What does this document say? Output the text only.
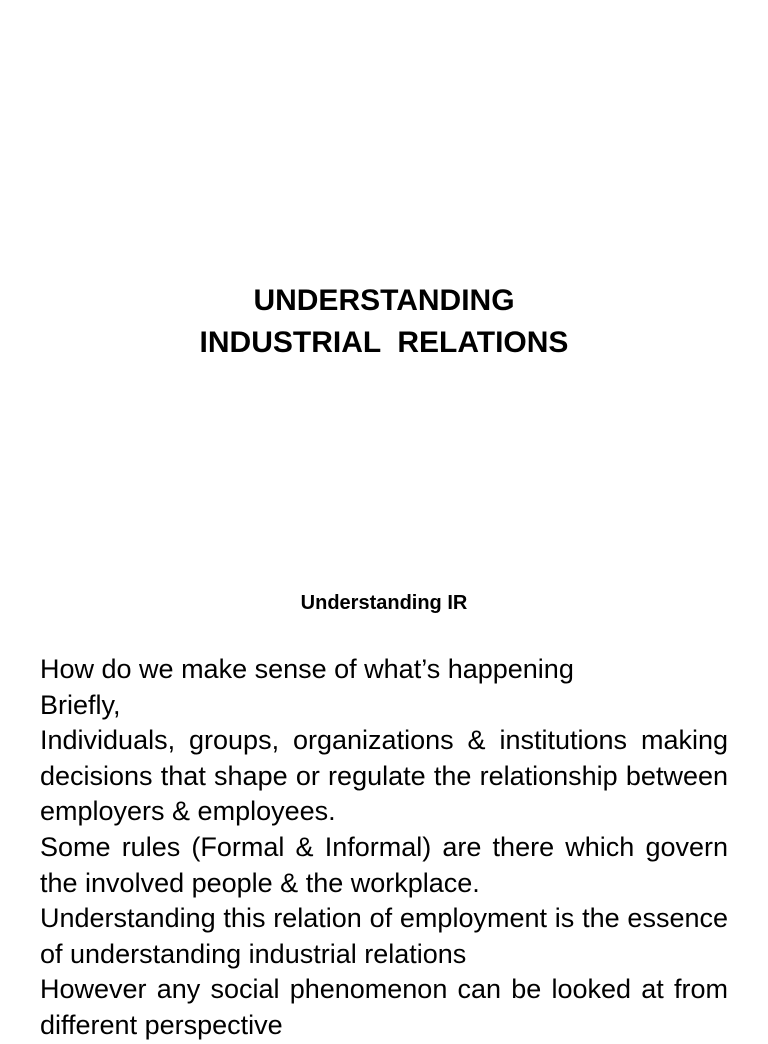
UNDERSTANDING
INDUSTRIAL  RELATIONS
Understanding IR
How do we make sense of what’s happening
Briefly,
Individuals, groups, organizations & institutions making decisions that shape or regulate the relationship between employers & employees.
Some rules (Formal & Informal) are there which govern the involved people & the workplace.
Understanding this relation of employment is the essence of understanding industrial relations
However any social phenomenon can be looked at from different perspective
